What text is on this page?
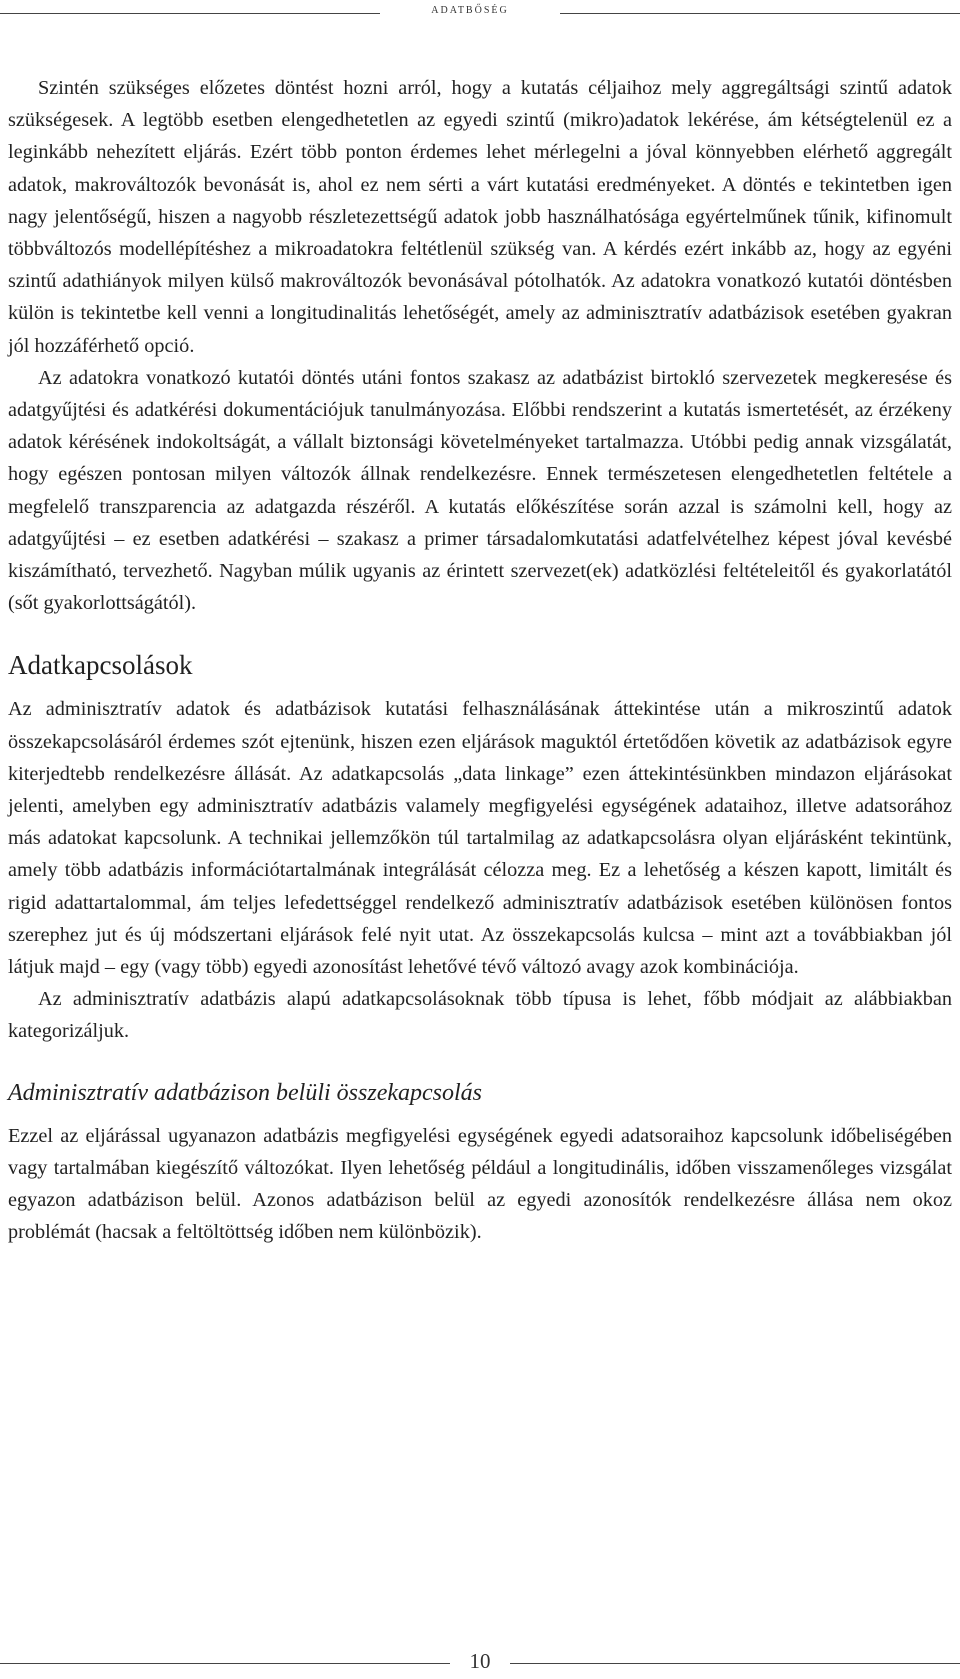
adatbőség

Szintén szükséges előzetes döntést hozni arról, hogy a kutatás céljaihoz mely aggregáltsági szintű adatok szükségesek. A legtöbb esetben elengedhetetlen az egyedi szintű (mikro)adatok lekérése, ám kétségtelenül ez a leginkább nehezített eljárás. Ezért több ponton érdemes lehet mérlegelni a jóval könnyebben elérhető aggregált adatok, makrováltozók bevonását is, ahol ez nem sérti a várt kutatási eredményeket. A döntés e tekintetben igen nagy jelentőségű, hiszen a nagyobb részletezettségű adatok jobb használhatósága egyértelműnek tűnik, kifinomult többváltozós modellépítéshez a mikroadatokra feltétlenül szükség van. A kérdés ezért inkább az, hogy az egyéni szintű adathiányok milyen külső makrováltozók bevonásával pótolhatók. Az adatokra vonatkozó kutatói döntésben külön is tekintetbe kell venni a longitudinalitás lehetőségét, amely az adminisztratív adatbázisok esetében gyakran jól hozzáférhető opció.

Az adatokra vonatkozó kutatói döntés utáni fontos szakasz az adatbázist birtokló szervezetek megkeresése és adatgyűjtési és adatkérési dokumentációjuk tanulmányozása. Előbbi rendszerint a kutatás ismertetését, az érzékeny adatok kérésének indokoltságát, a vállalt biztonsági követelményeket tartalmazza. Utóbbi pedig annak vizsgálatát, hogy egészen pontosan milyen változók állnak rendelkezésre. Ennek természetesen elengedhetetlen feltétele a megfelelő transzparencia az adatgazda részéről. A kutatás előkészítése során azzal is számolni kell, hogy az adatgyűjtési – ez esetben adatkérési – szakasz a primer társadalomkutatási adatfelvételhez képest jóval kevésbé kiszámítható, tervezhető. Nagyban múlik ugyanis az érintett szervezet(ek) adatközlési feltételeitől és gyakorlatától (sőt gyakorlottságától).

Adatkapcsolások

Az adminisztratív adatok és adatbázisok kutatási felhasználásának áttekintése után a mikroszintű adatok összekapcsolásáról érdemes szót ejtenünk, hiszen ezen eljárások maguktól értetődően követik az adatbázisok egyre kiterjedtebb rendelkezésre állását. Az adatkapcsolás „data linkage” ezen áttekintésünkben mindazon eljárásokat jelenti, amelyben egy adminisztratív adatbázis valamely megfigyelési egységének adataihoz, illetve adatsorához más adatokat kapcsolunk. A technikai jellemzőkön túl tartalmilag az adatkapcsolásra olyan eljárásként tekintünk, amely több adatbázis információtartalmának integrálását célozza meg. Ez a lehetőség a készen kapott, limitált és rigid adattartalommal, ám teljes lefedettséggel rendelkező adminisztratív adatbázisok esetében különösen fontos szerephez jut és új módszertani eljárások felé nyit utat. Az összekapcsolás kulcsa – mint azt a továbbiakban jól látjuk majd – egy (vagy több) egyedi azonosítást lehetővé tévő változó avagy azok kombinációja.

Az adminisztratív adatbázis alapú adatkapcsolásoknak több típusa is lehet, főbb módjait az alábbiakban kategorizáljuk.

Adminisztratív adatbázison belüli összekapcsolás

Ezzel az eljárással ugyanazon adatbázis megfigyelési egységének egyedi adatsoraihoz kapcsolunk időbeliségében vagy tartalmában kiegészítő változókat. Ilyen lehetőség például a longitudinális, időben visszamenőleges vizsgálat egyazon adatbázison belül. Azonos adatbázison belül az egyedi azonosítók rendelkezésre állása nem okoz problémát (hacsak a feltöltöttség időben nem különbözik).

10
